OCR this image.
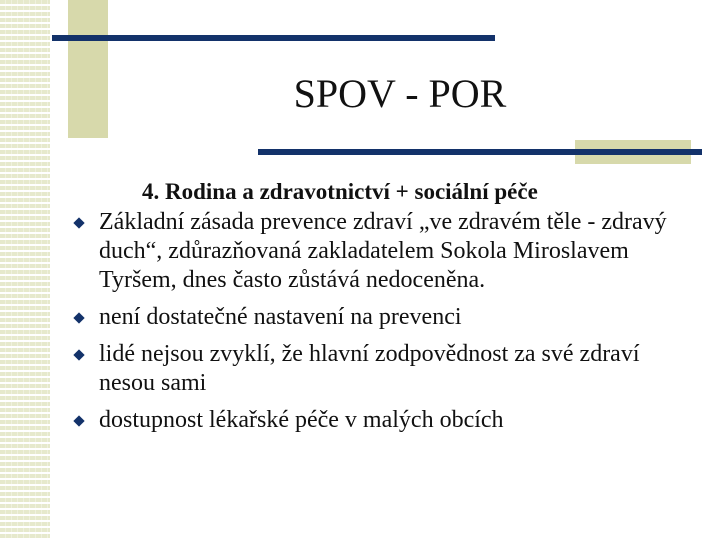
SPOV - POR

4. Rodina a zdravotnictví + sociální péče

Základní zásada prevence zdraví „ve zdravém těle - zdravý duch“, zdůrazňovaná zakladatelem Sokola Miroslavem Tyršem, dnes často zůstává nedoceněna.
není dostatečné nastavení na prevenci
lidé nejsou zvyklí, že hlavní zodpovědnost za své zdraví nesou sami
dostupnost lékařské péče v malých obcích
